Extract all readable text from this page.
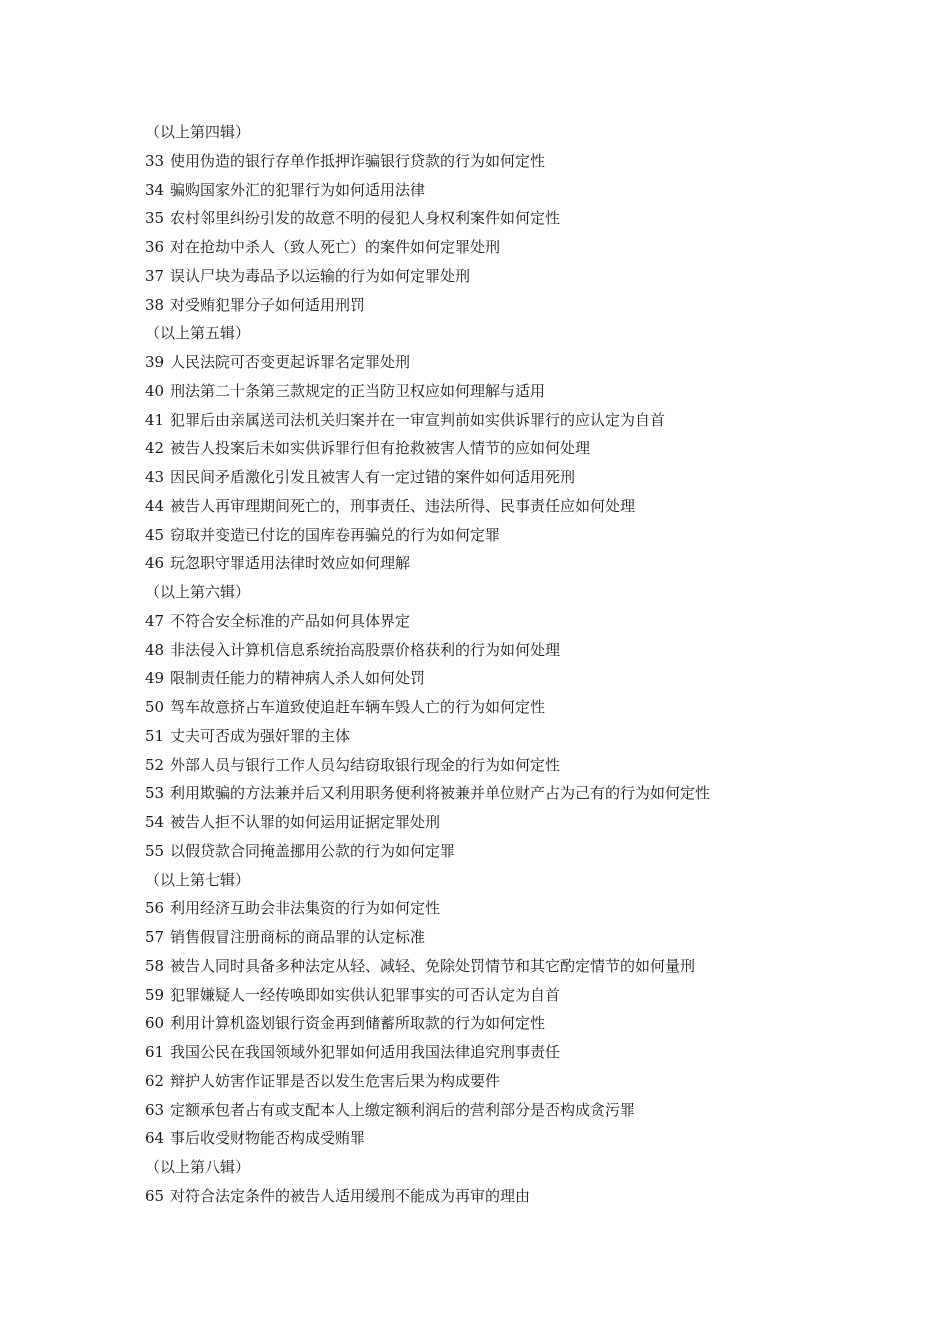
（以上第四辑）
33 使用伪造的银行存单作抵押诈骗银行贷款的行为如何定性
34 骗购国家外汇的犯罪行为如何适用法律
35 农村邻里纠纷引发的故意不明的侵犯人身权利案件如何定性
36 对在抢劫中杀人（致人死亡）的案件如何定罪处刑
37 误认尸块为毒品予以运输的行为如何定罪处刑
38 对受贿犯罪分子如何适用刑罚
（以上第五辑）
39 人民法院可否变更起诉罪名定罪处刑
40 刑法第二十条第三款规定的正当防卫权应如何理解与适用
41 犯罪后由亲属送司法机关归案并在一审宣判前如实供诉罪行的应认定为自首
42 被告人投案后未如实供诉罪行但有抢救被害人情节的应如何处理
43 因民间矛盾激化引发且被害人有一定过错的案件如何适用死刑
44 被告人再审理期间死亡的，刑事责任、违法所得、民事责任应如何处理
45 窃取并变造已付讫的国库卷再骗兑的行为如何定罪
46 玩忽职守罪适用法律时效应如何理解
（以上第六辑）
47 不符合安全标准的产品如何具体界定
48 非法侵入计算机信息系统抬高股票价格获利的行为如何处理
49 限制责任能力的精神病人杀人如何处罚
50 驾车故意挤占车道致使追赶车辆车毁人亡的行为如何定性
51 丈夫可否成为强奸罪的主体
52 外部人员与银行工作人员勾结窃取银行现金的行为如何定性
53 利用欺骗的方法兼并后又利用职务便利将被兼并单位财产占为己有的行为如何定性
54 被告人拒不认罪的如何运用证据定罪处刑
55 以假贷款合同掩盖挪用公款的行为如何定罪
（以上第七辑）
56 利用经济互助会非法集资的行为如何定性
57 销售假冒注册商标的商品罪的认定标准
58 被告人同时具备多种法定从轻、减轻、免除处罚情节和其它酌定情节的如何量刑
59 犯罪嫌疑人一经传唤即如实供认犯罪事实的可否认定为自首
60 利用计算机盗划银行资金再到储蓄所取款的行为如何定性
61 我国公民在我国领域外犯罪如何适用我国法律追究刑事责任
62 辩护人妨害作证罪是否以发生危害后果为构成要件
63 定额承包者占有或支配本人上缴定额利润后的营利部分是否构成贪污罪
64 事后收受财物能否构成受贿罪
（以上第八辑）
65 对符合法定条件的被告人适用缓刑不能成为再审的理由
